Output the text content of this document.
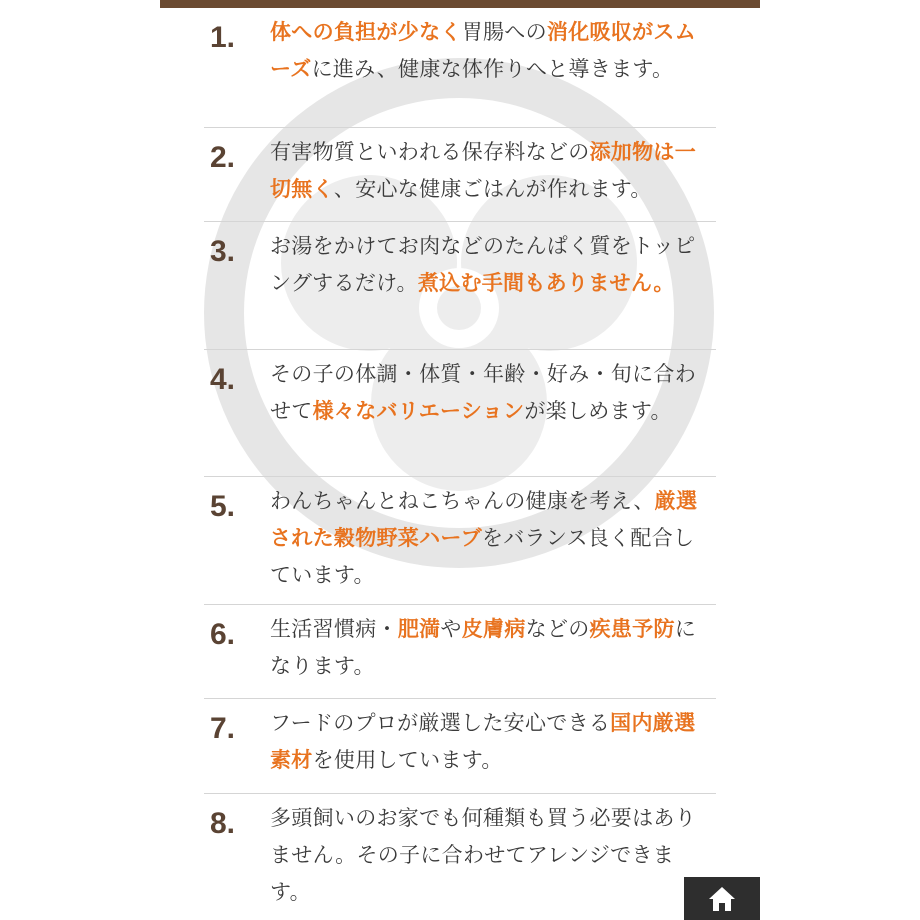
1. 体への負担が少なく胃腸への消化吸収がスムーズに進み、健康な体作りへと導きます。

2. 有害物質といわれる保存料などの添加物は一切無く、安心な健康ごはんが作れます。

3. お湯をかけてお肉などのたんぱく質をトッピングするだけ。煮込む手間もありません。

4. その子の体調・体質・年齢・好み・旬に合わせて様々なバリエーションが楽しめます。

5. わんちゃんとねこちゃんの健康を考え、厳選された穀物野菜ハーブをバランス良く配合しています。

6. 生活習慣病・肥満や皮膚病などの疾患予防になります。

7. フードのプロが厳選した安心できる国内厳選素材を使用しています。

8. 多頭飼いのお家でも何種類も買う必要はありません。その子に合わせてアレンジできます。
